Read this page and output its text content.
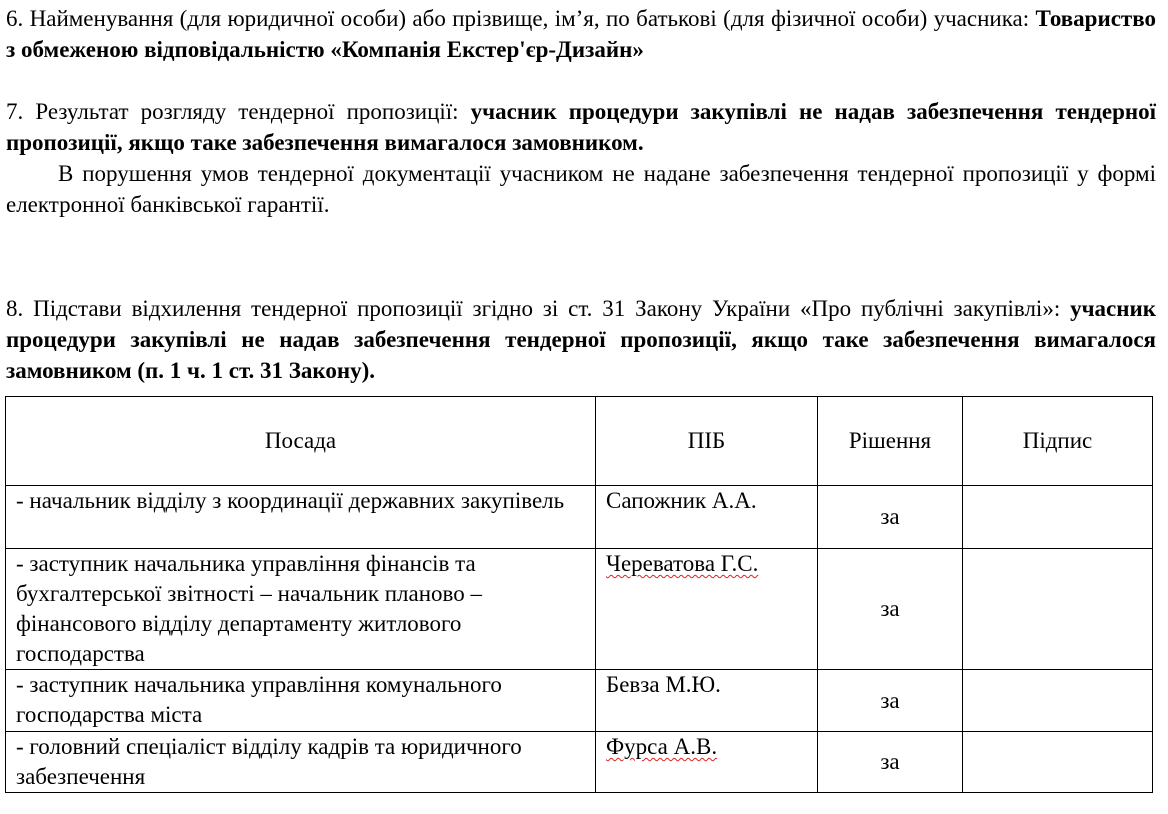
6. Найменування (для юридичної особи) або прізвище, ім’я, по батькові (для фізичної особи) учасника: Товариство з обмеженою відповідальністю «Компанія Екстер'єр-Дизайн»

7. Результат розгляду тендерної пропозиції: учасник процедури закупівлі не надав забезпечення тендерної пропозиції, якщо таке забезпечення вимагалося замовником.

В порушення умов тендерної документації учасником не надане забезпечення тендерної пропозиції у формі електронної банківської гарантії.

8. Підстави відхилення тендерної пропозиції згідно зі ст. 31 Закону України «Про публічні закупівлі»: учасник процедури закупівлі не надав забезпечення тендерної пропозиції, якщо таке забезпечення вимагалося замовником (п. 1 ч. 1 ст. 31 Закону).

Посада	ПІБ	Рішення	Підпис
- начальник відділу з координації державних закупівель	Сапожник А.А.	за	
- заступник начальника управління фінансів та бухгалтерської звітності – начальник планово – фінансового відділу департаменту житлового господарства	Череватова Г.С.	за	
- заступник начальника управління комунального господарства міста	Бевза М.Ю.	за	
- головний спеціаліст відділу кадрів та юридичного забезпечення	Фурса А.В.	за	
